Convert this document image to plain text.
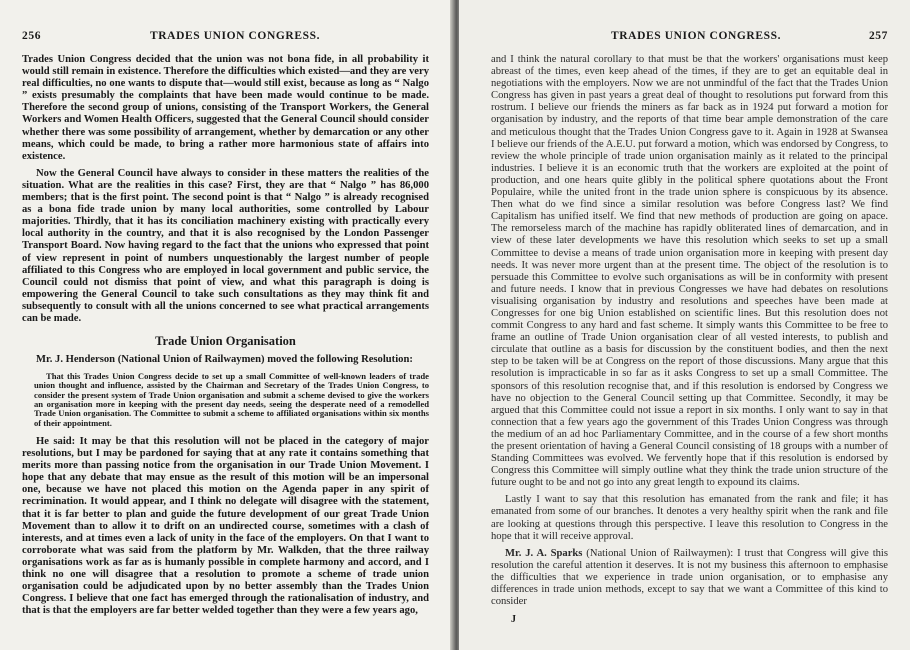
256	TRADES UNION CONGRESS.

Trades Union Congress decided that the union was not bona fide, in all probability it would still remain in existence. Therefore the difficulties which existed—and they are very real difficulties, no one wants to dispute that—would still exist, because as long as “ Nalgo ” exists presumably the complaints that have been made would continue to be made. Therefore the second group of unions, consisting of the Transport Workers, the General Workers and Women Health Officers, suggested that the General Council should consider whether there was some possibility of arrangement, whether by demarcation or any other means, which could be made, to bring a rather more harmonious state of affairs into existence.

Now the General Council have always to consider in these matters the realities of the situation. What are the realities in this case? First, they are that “ Nalgo ” has 86,000 members; that is the first point. The second point is that “ Nalgo ” is already recognised as a bona fide trade union by many local authorities, some controlled by Labour majorities. Thirdly, that it has its conciliation machinery existing with practically every local authority in the country, and that it is also recognised by the London Passenger Transport Board. Now having regard to the fact that the unions who expressed that point of view represent in point of numbers unquestionably the largest number of people affiliated to this Congress who are employed in local government and public service, the Council could not dismiss that point of view, and what this paragraph is doing is empowering the General Council to take such consultations as they may think fit and subsequently to consult with all the unions concerned to see what practical arrangements can be made.

Trade Union Organisation

Mr. J. Henderson (National Union of Railwaymen) moved the following Resolution:

That this Trades Union Congress decide to set up a small Committee of well-known leaders of trade union thought and influence, assisted by the Chairman and Secretary of the Trades Union Congress, to consider the present system of Trade Union organisation and submit a scheme devised to give the workers an organisation more in keeping with the present day needs, seeing the desperate need of a remodelled Trade Union organisation. The Committee to submit a scheme to affiliated organisations within six months of their appointment.

He said: It may be that this resolution will not be placed in the category of major resolutions, but I may be pardoned for saying that at any rate it contains something that merits more than passing notice from the organisation in our Trade Union Movement. I hope that any debate that may ensue as the result of this motion will be an impersonal one, because we have not placed this motion on the Agenda paper in any spirit of recrimination. It would appear, and I think no delegate will disagree with the statement, that it is far better to plan and guide the future development of our great Trade Union Movement than to allow it to drift on an undirected course, sometimes with a clash of interests, and at times even a lack of unity in the face of the employers. On that I want to corroborate what was said from the platform by Mr. Walkden, that the three railway organisations work as far as is humanly possible in complete harmony and accord, and I think no one will disagree that a resolution to promote a scheme of trade union organisation could be adjudicated upon by no better assembly than the Trades Union Congress. I believe that one fact has emerged through the rationalisation of industry, and that is that the employers are far better welded together than they were a few years ago,

TRADES UNION CONGRESS.	257

and I think the natural corollary to that must be that the workers' organisations must keep abreast of the times, even keep ahead of the times, if they are to get an equitable deal in negotiations with the employers. Now we are not unmindful of the fact that the Trades Union Congress has given in past years a great deal of thought to resolutions put forward from this rostrum. I believe our friends the miners as far back as in 1924 put forward a motion for organisation by industry, and the reports of that time bear ample demonstration of the care and meticulous thought that the Trades Union Congress gave to it. Again in 1928 at Swansea I believe our friends of the A.E.U. put forward a motion, which was endorsed by Congress, to review the whole principle of trade union organisation mainly as it related to the principal industries. I believe it is an economic truth that the workers are exploited at the point of production, and one hears quite glibly in the political sphere quotations about the Front Populaire, while the united front in the trade union sphere is conspicuous by its absence. Then what do we find since a similar resolution was before Congress last? We find Capitalism has unified itself. We find that new methods of production are going on apace. The remorseless march of the machine has rapidly obliterated lines of demarcation, and in view of these later developments we have this resolution which seeks to set up a small Committee to devise a means of trade union organisation more in keeping with present day needs. It was never more urgent than at the present time. The object of the resolution is to persuade this Committee to evolve such organisations as will be in conformity with present and future needs. I know that in previous Congresses we have had debates on resolutions visualising organisation by industry and resolutions and speeches have been made at Congresses for one big Union established on scientific lines. But this resolution does not commit Congress to any hard and fast scheme. It simply wants this Committee to be free to frame an outline of Trade Union organisation clear of all vested interests, to publish and circulate that outline as a basis for discussion by the constituent bodies, and then the next step to be taken will be at Congress on the report of those discussions. Many argue that this resolution is impracticable in so far as it asks Congress to set up a small Committee. The sponsors of this resolution recognise that, and if this resolution is endorsed by Congress we have no objection to the General Council setting up that Committee. Secondly, it may be argued that this Committee could not issue a report in six months. I only want to say in that connection that a few years ago the government of this Trades Union Congress was through the medium of an ad hoc Parliamentary Committee, and in the course of a few short months the present orientation of having a General Council consisting of 18 groups with a number of Standing Committees was evolved. We fervently hope that if this resolution is endorsed by Congress this Committee will simply outline what they think the trade union structure of the future ought to be and not go into any great length to expound its claims.

Lastly I want to say that this resolution has emanated from the rank and file; it has emanated from some of our branches. It denotes a very healthy spirit when the rank and file are looking at questions through this perspective. I leave this resolution to Congress in the hope that it will receive approval.

Mr. J. A. Sparks (National Union of Railwaymen): I trust that Congress will give this resolution the careful attention it deserves. It is not my business this afternoon to emphasise the difficulties that we experience in trade union organisation, or to emphasise any differences in trade union methods, except to say that we want a Committee of this kind to consider

J
